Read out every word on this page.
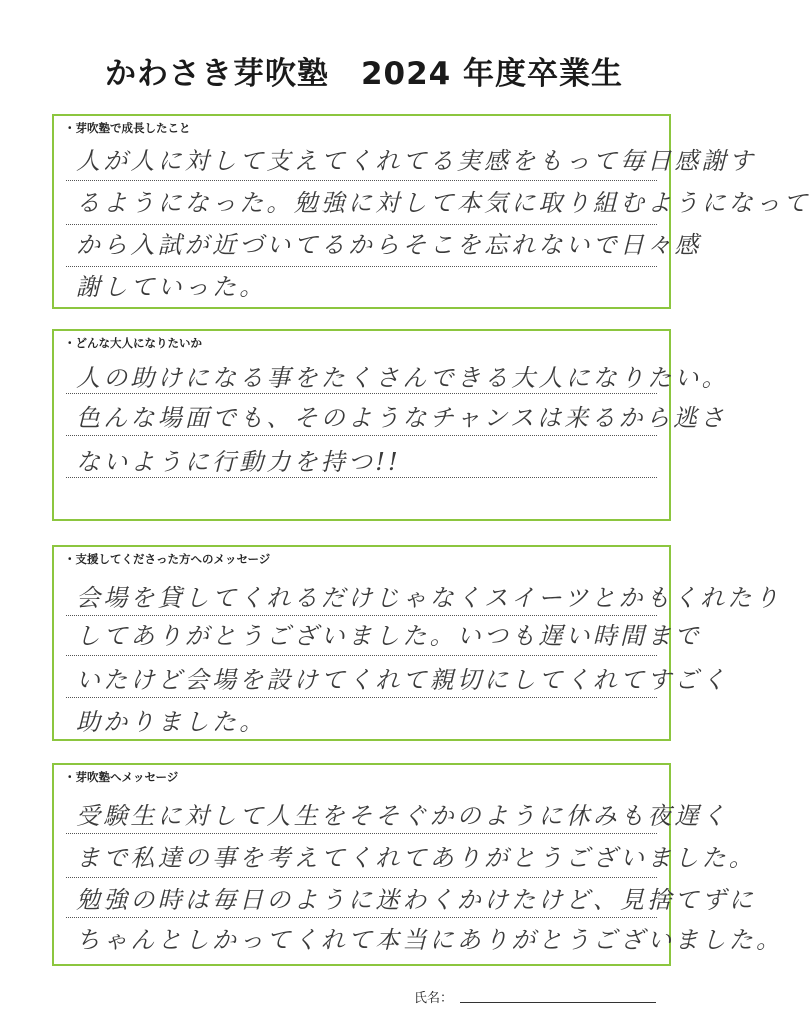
かわさき芽吹塾　2024 年度卒業生
・芽吹塾で成長したこと
人が人に対して支えてくれてる実感をもって毎日感謝す
るようになった。勉強に対して本気に取り組むようになって
から入試が近づいてるからそこを忘れないで日々感
謝していった。
・どんな大人になりたいか
人の助けになる事をたくさんできる大人になりたい。
色んな場面でも、そのようなチャンスは来るから逃さ
ないように行動力を持つ!!
・支援してくださった方へのメッセージ
会場を貸してくれるだけじゃなくスイーツとかもくれたり
してありがとうございました。いつも遅い時間まで
いたけど会場を設けてくれて親切にしてくれてすごく
助かりました。
・芽吹塾へメッセージ
受験生に対して人生をそそぐかのように休みも夜遅く
まで私達の事を考えてくれてありがとうございました。
勉強の時は毎日のように迷わくかけたけど、見捨てずに
ちゃんとしかってくれて本当にありがとうございました。
氏名：
